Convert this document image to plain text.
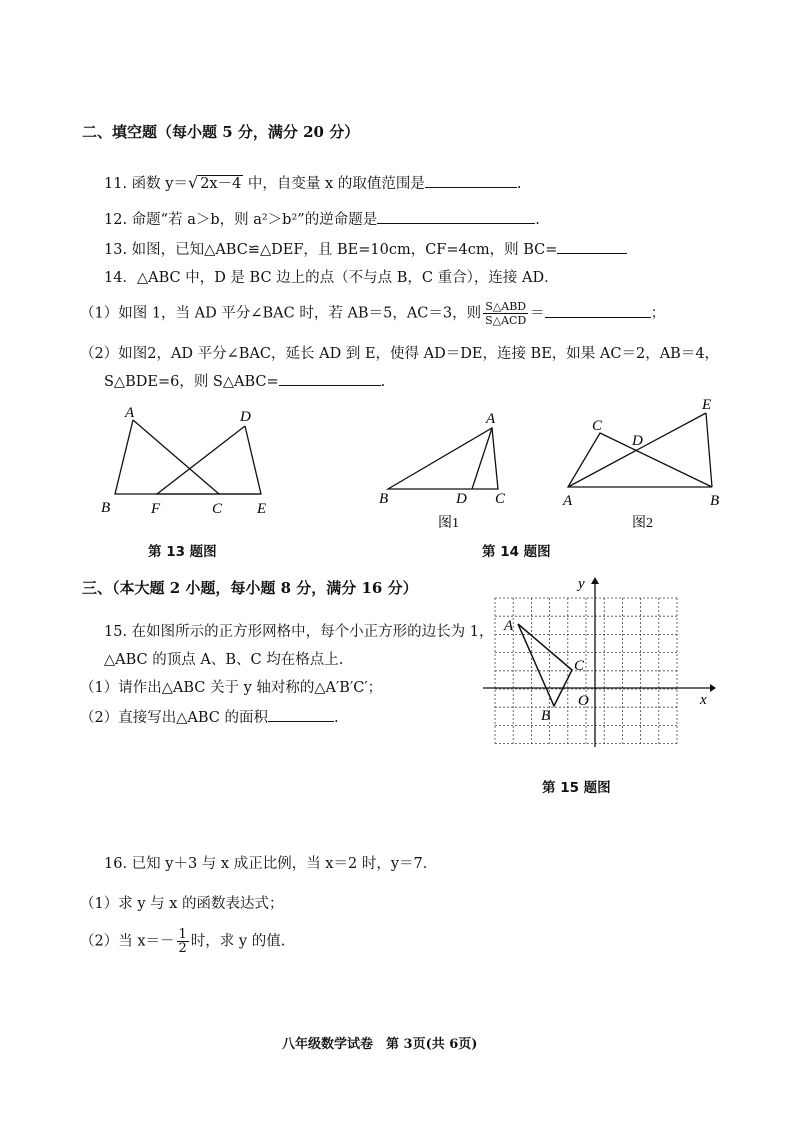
二、填空题（每小题 5 分，满分 20 分）
11. 函数 y＝√ 2x－4 中，自变量 x 的取值范围是	.
12. 命题“若 a＞b，则 a²＞b²”的逆命题是	.
13. 如图，已知△ABC≌△DEF，且 BE=10cm，CF=4cm，则 BC=
14．△ABC 中，D 是 BC 边上的点（不与点 B，C 重合），连接 AD．
（1）如图 1，当 AD 平分∠BAC 时，若 AB＝5，AC＝3，则 $\frac{\text{S△ABD}}{\text{S△ACD}}$ ＝	；
（2）如图2，AD 平分∠BAC，延长 AD 到 E，使得 AD＝DE，连接 BE，如果 AC＝2，AB＝4，
S△BDE=6，则 S△ABC=	.
A	D
B	F	C E
第 13 题图
A
B	D C
图1
E
C
D
A	B
图2
第 14 题图
三、（本大题 2 小题，每小题 8 分，满分 16 分）
15. 在如图所示的正方形网格中，每个小正方形的边长为 1，
△ABC 的顶点 A、B、C 均在格点上.
（1）请作出△ABC 关于 y 轴对称的△A′B′C′；
（2）直接写出△ABC 的面积	.
y
x
O
A
B
C
第 15 题图
16. 已知 y＋3 与 x 成正比例，当 x＝2 时，y＝7．
（1）求 y 与 x 的函数表达式；
（2）当 $x=- \frac{1}{2}$ 时，求 y 的值.
八年级数学试卷　第 3页(共 6页)
